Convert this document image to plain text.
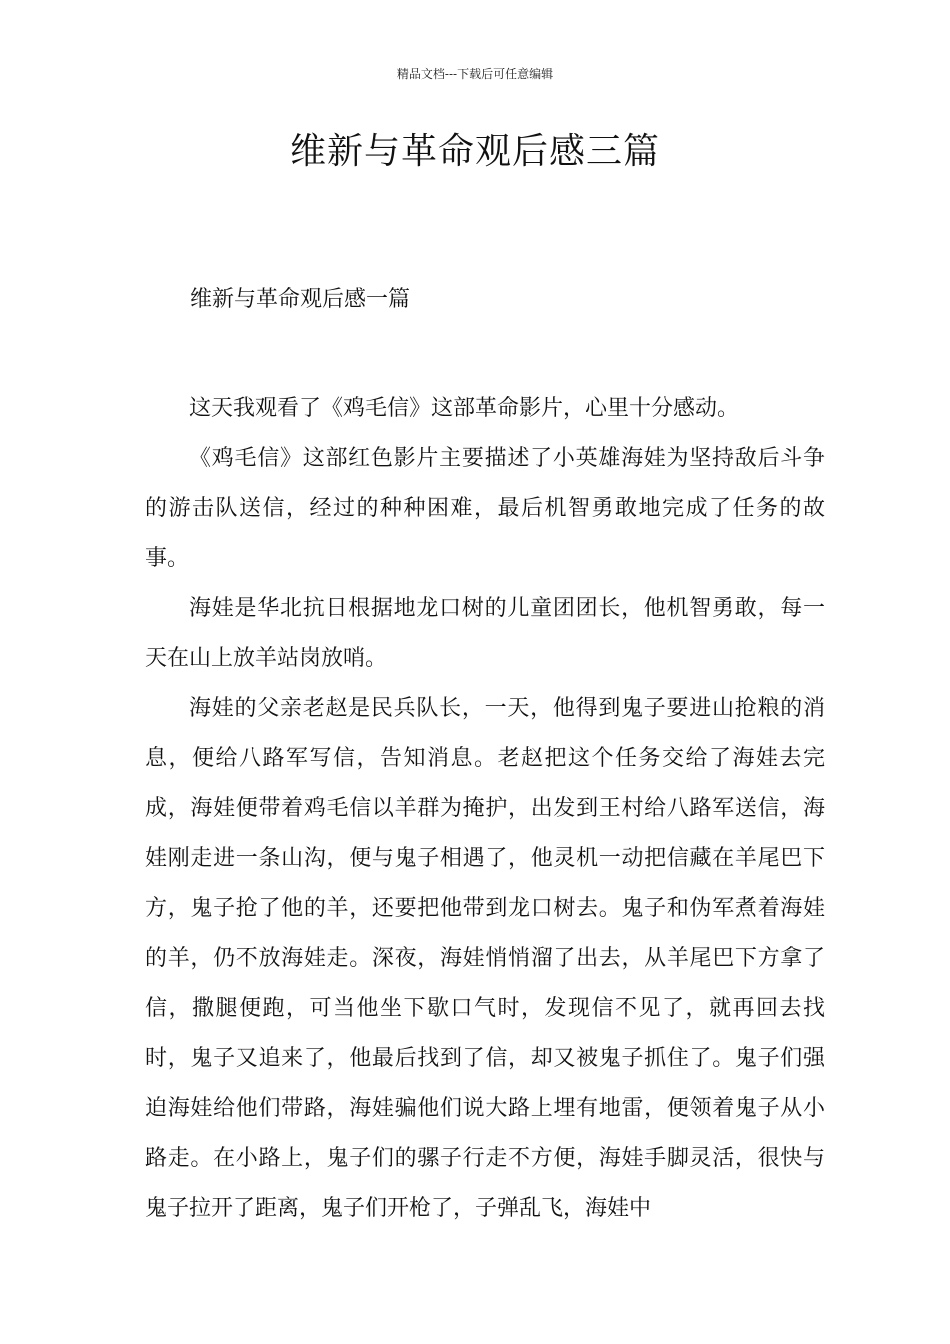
精品文档---下载后可任意编辑
维新与革命观后感三篇
维新与革命观后感一篇

这天我观看了《鸡毛信》这部革命影片，心里十分感动。

《鸡毛信》这部红色影片主要描述了小英雄海娃为坚持敌后斗争的游击队送信，经过的种种困难，最后机智勇敢地完成了任务的故事。

海娃是华北抗日根据地龙口树的儿童团团长，他机智勇敢，每一天在山上放羊站岗放哨。

海娃的父亲老赵是民兵队长，一天，他得到鬼子要进山抢粮的消息，便给八路军写信，告知消息。老赵把这个任务交给了海娃去完成，海娃便带着鸡毛信以羊群为掩护，出发到王村给八路军送信，海娃刚走进一条山沟，便与鬼子相遇了，他灵机一动把信藏在羊尾巴下方，鬼子抢了他的羊，还要把他带到龙口树去。鬼子和伪军煮着海娃的羊，仍不放海娃走。深夜，海娃悄悄溜了出去，从羊尾巴下方拿了信，撒腿便跑，可当他坐下歇口气时，发现信不见了，就再回去找时，鬼子又追来了，他最后找到了信，却又被鬼子抓住了。鬼子们强迫海娃给他们带路，海娃骗他们说大路上埋有地雷，便领着鬼子从小路走。在小路上，鬼子们的骡子行走不方便，海娃手脚灵活，很快与鬼子拉开了距离，鬼子们开枪了，子弹乱飞，海娃中
